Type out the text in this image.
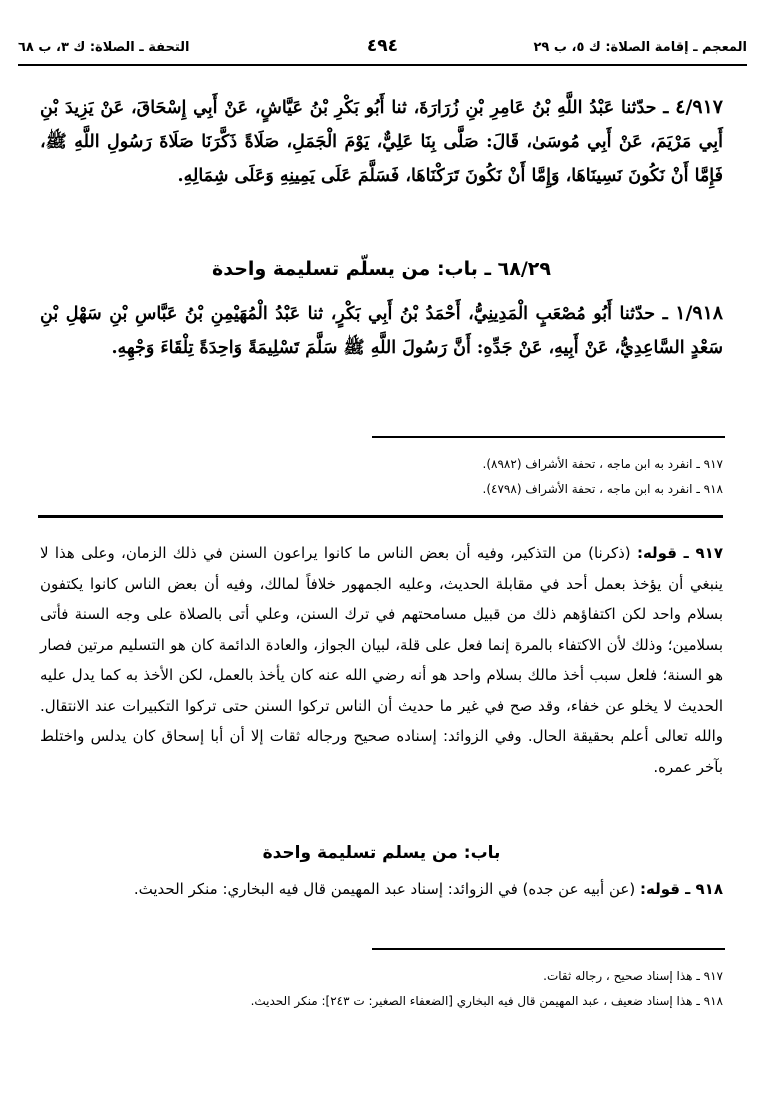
المعجم ـ إقامة الصلاة: ك ٥، ب ٢٩
٤٩٤
التحفة ـ الصلاة: ك ٣، ب ٦٨
٤/٩١٧ ـ حدّثنا عَبْدُ اللَّهِ بْنُ عَامِرِ بْنِ زُرَارَةَ، ثنا أَبُو بَكْرِ بْنُ عَيَّاشٍ، عَنْ أَبِي إِسْحَاقَ، عَنْ يَزِيدَ بْنِ أَبِي مَرْيَمَ، عَنْ أَبِي مُوسَىٰ، قَالَ: صَلَّى بِنَا عَلِيٌّ، يَوْمَ الْجَمَلِ، صَلَاةً ذَكَّرَنَا صَلَاةَ رَسُولِ اللَّهِ ﷺ، فَإِمَّا أَنْ نَكُونَ نَسِينَاهَا، وَإِمَّا أَنْ نَكُونَ تَرَكْنَاهَا، فَسَلَّمَ عَلَى يَمِينِهِ وَعَلَى شِمَالِهِ.
٦٨/٢٩ ـ باب: من يسلّم تسليمة واحدة
١/٩١٨ ـ حدّثنا أَبُو مُصْعَبٍ الْمَدِينِيُّ، أَحْمَدُ بْنُ أَبِي بَكْرٍ، ثنا عَبْدُ الْمُهَيْمِنِ بْنُ عَبَّاسِ بْنِ سَهْلِ بْنِ سَعْدٍ السَّاعِدِيُّ، عَنْ أَبِيهِ، عَنْ جَدِّهِ: أَنَّ رَسُولَ اللَّهِ ﷺ سَلَّمَ تَسْلِيمَةً وَاحِدَةً تِلْقَاءَ وَجْهِهِ.
٩١٧ ـ انفرد به ابن ماجه ، تحفة الأشراف (٨٩٨٢).
٩١٨ ـ انفرد به ابن ماجه ، تحفة الأشراف (٤٧٩٨).
٩١٧ ـ قوله: (ذكرنا) من التذكير، وفيه أن بعض الناس ما كانوا يراعون السنن في ذلك الزمان، وعلى هذا لا ينبغي أن يؤخذ بعمل أحد في مقابلة الحديث، وعليه الجمهور خلافاً لمالك، وفيه أن بعض الناس كانوا يكتفون بسلام واحد لكن اكتفاؤهم ذلك من قبيل مسامحتهم في ترك السنن، وعلي أتى بالصلاة على وجه السنة فأتى بسلامين؛ وذلك لأن الاكتفاء بالمرة إنما فعل على قلة، لبيان الجواز، والعادة الدائمة كان هو التسليم مرتين فصار هو السنة؛ فلعل سبب أخذ مالك بسلام واحد هو أنه رضي الله عنه كان يأخذ بالعمل، لكن الأخذ به كما يدل عليه الحديث لا يخلو عن خفاء، وقد صح في غير ما حديث أن الناس تركوا السنن حتى تركوا التكبيرات عند الانتقال. والله تعالى أعلم بحقيقة الحال. وفي الزوائد: إسناده صحيح ورجاله ثقات إلا أن أبا إسحاق كان يدلس واختلط بآخر عمره.
باب: من يسلم تسليمة واحدة
٩١٨ ـ قوله: (عن أبيه عن جده) في الزوائد: إسناد عبد المهيمن قال فيه البخاري: منكر الحديث.
٩١٧ ـ هذا إسناد صحيح ، رجاله ثقات.
٩١٨ ـ هذا إسناد ضعيف ، عبد المهيمن قال فيه البخاري [الضعفاء الصغير: ت ٢٤٣]: منكر الحديث.
